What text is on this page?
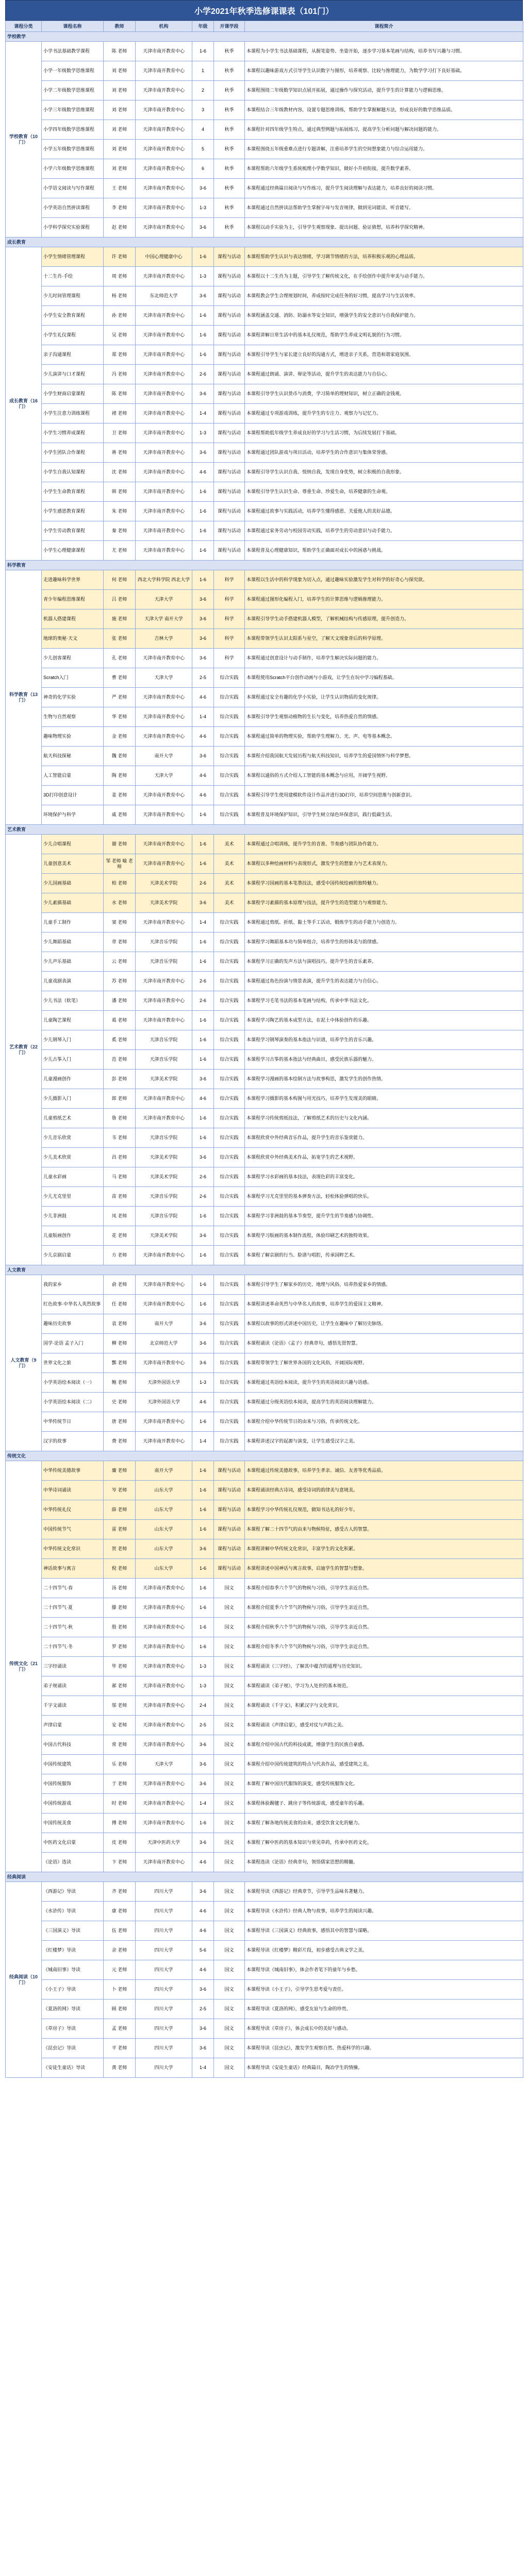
小学2021年秋季选修课课表（101门）
课程分类	课程名称	教师	机构	年级	开课学段	课程简介
学校教学						
学校教育（10门）	小学书法基础教学课程	陈 老师	天津市南开教育中心	1-6	秋季	本课程为小学生书法基础课程，从握笔姿势、坐姿开始，逐步学习基本笔画与结构，培养书写兴趣与习惯。
	小学一年级数学思维课程	刘 老师	天津市南开教育中心	1	秋季	本课程以趣味游戏方式引导学生认识数字与图形，培养观察、比较与推理能力，为数学学习打下良好基础。
	小学二年级数学思维课程	刘 老师	天津市南开教育中心	2	秋季	本课程围绕二年级数学知识点展开拓展，通过操作与探究活动，提升学生的计算能力与逻辑思维。
	小学三年级数学思维课程	刘 老师	天津市南开教育中心	3	秋季	本课程结合三年级教材内容，设置专题思维训练，帮助学生掌握解题方法，形成良好的数学思维品质。
	小学四年级数学思维课程	刘 老师	天津市南开教育中心	4	秋季	本课程针对四年级学生特点，通过典型例题与拓展练习，提高学生分析问题与解决问题的能力。
	小学五年级数学思维课程	刘 老师	天津市南开教育中心	5	秋季	本课程围绕五年级重难点进行专题讲解，注重培养学生的空间想象能力与综合运用能力。
	小学六年级数学思维课程	刘 老师	天津市南开教育中心	6	秋季	本课程帮助六年级学生系统梳理小学数学知识，做好小升初衔接，提升数学素养。
	小学语文阅读与写作课程	王 老师	天津市南开教育中心	3-6	秋季	本课程通过经典篇目阅读与写作练习，提升学生阅读理解与表达能力，培养良好的阅读习惯。
	小学英语自然拼读课程	李 老师	天津市南开教育中心	1-3	秋季	本课程通过自然拼读法帮助学生掌握字母与发音规律，做到见词能读、听音能写。
	小学科学探究实验课程	赵 老师	天津市南开教育中心	3-6	秋季	本课程以动手实验为主，引导学生观察现象、提出问题、验证猜想，培养科学探究精神。
成长教育						
成长教育（16门）	小学生情绪管理课程	许 老师	中国心理健康中心	1-6	课程与活动	本课程帮助学生认识与表达情绪，学习调节情绪的方法，培养积极乐观的心理品质。
	十二生肖·手绘	周 老师	天津市南开教育中心	1-3	课程与活动	本课程以十二生肖为主题，引导学生了解传统文化，在手绘创作中提升审美与动手能力。
	少儿时间管理课程	杨 老师	东北师范大学	3-6	课程与活动	本课程教会学生合理规划时间，养成按时完成任务的好习惯，提高学习与生活效率。
	小学生安全教育课程	孙 老师	天津市南开教育中心	1-6	课程与活动	本课程涵盖交通、消防、防溺水等安全知识，增强学生的安全意识与自我保护能力。
	小学生礼仪课程	吴 老师	天津市南开教育中心	1-6	课程与活动	本课程讲解日常生活中的基本礼仪规范，帮助学生养成文明礼貌的行为习惯。
	亲子沟通课程	郑 老师	天津市南开教育中心	1-6	课程与活动	本课程引导学生与家长建立良好的沟通方式，增进亲子关系，营造和谐家庭氛围。
	少儿演讲与口才课程	冯 老师	天津市南开教育中心	2-6	课程与活动	本课程通过朗诵、演讲、辩论等活动，提升学生的表达能力与自信心。
	小学生财商启蒙课程	陈 老师	天津市南开教育中心	3-6	课程与活动	本课程引导学生认识货币与消费，学习简单的理财知识，树立正确的金钱观。
	小学生注意力训练课程	褚 老师	天津市南开教育中心	1-4	课程与活动	本课程通过专项游戏训练，提升学生的专注力、观察力与记忆力。
	小学生习惯养成课程	卫 老师	天津市南开教育中心	1-3	课程与活动	本课程帮助低年级学生养成良好的学习与生活习惯，为后续发展打下基础。
	小学生团队合作课程	蒋 老师	天津市南开教育中心	3-6	课程与活动	本课程通过团队游戏与项目活动，培养学生的合作意识与集体荣誉感。
	小学生自我认知课程	沈 老师	天津市南开教育中心	4-6	课程与活动	本课程引导学生认识自我、悦纳自我，发现自身优势，树立积极的自我形象。
	小学生生命教育课程	韩 老师	天津市南开教育中心	1-6	课程与活动	本课程引导学生认识生命、尊重生命、珍爱生命，培养健康的生命观。
	小学生感恩教育课程	朱 老师	天津市南开教育中心	1-6	课程与活动	本课程通过故事与实践活动，培养学生懂得感恩、关爱他人的美好品德。
	小学生劳动教育课程	秦 老师	天津市南开教育中心	1-6	课程与活动	本课程通过家务劳动与校园劳动实践，培养学生的劳动意识与动手能力。
	小学生心理健康课程	尤 老师	天津市南开教育中心	1-6	课程与活动	本课程普及心理健康知识，帮助学生正确面对成长中的困惑与挑战。
科学教育						
科学教育（13门）	走进趣味科学世界	何 老师	西北大学科学院 西北大学	1-6	科学	本课程以生活中的科学现象为切入点，通过趣味实验激发学生对科学的好奇心与探究欲。
	青少年编程思维课程	吕 老师	天津大学	3-6	科学	本课程通过图形化编程入门，培养学生的计算思维与逻辑推理能力。
	机器人搭建课程	施 老师	天津大学 南开大学	3-6	科学	本课程引导学生动手搭建机器人模型，了解机械结构与传感原理，提升创造力。
	地球的奥秘·天文	张 老师	吉林大学	3-6	科学	本课程带领学生认识太阳系与星空，了解天文现象背后的科学原理。
	少儿创客课程	孔 老师	天津市南开教育中心	3-6	科学	本课程通过创意设计与动手制作，培养学生解决实际问题的能力。
	Scratch入门	曹 老师	天津大学	2-5	综合实践	本课程使用Scratch平台创作动画与小游戏，让学生在玩中学习编程基础。
	神奇的化学实验	严 老师	天津市南开教育中心	4-6	综合实践	本课程通过安全有趣的化学小实验，让学生认识物质的变化规律。
	生物与自然观察	华 老师	天津市南开教育中心	1-4	综合实践	本课程引导学生观察动植物的生长与变化，培养热爱自然的情感。
	趣味物理实验	金 老师	天津市南开教育中心	4-6	综合实践	本课程通过简单的物理实验，帮助学生理解力、光、声、电等基本概念。
	航天科技探秘	魏 老师	南开大学	3-6	综合实践	本课程介绍我国航天发展历程与航天科技知识，培养学生的爱国情怀与科学梦想。
	人工智能启蒙	陶 老师	天津大学	4-6	综合实践	本课程以通俗的方式介绍人工智能的基本概念与应用，开阔学生视野。
	3D打印创意设计	姜 老师	天津市南开教育中心	4-6	综合实践	本课程引导学生使用建模软件设计作品并进行3D打印，培养空间思维与创新意识。
	环境保护与科学	戚 老师	天津市南开教育中心	1-6	综合实践	本课程普及环境保护知识，引导学生树立绿色环保意识，践行低碳生活。
艺术教育						
艺术教育（22门）	少儿合唱课程	谢 老师	天津市南开教育中心	1-6	美术	本课程通过合唱训练，提升学生的音准、节奏感与团队协作能力。
	儿童创意美术	邹 老师 喻 老师	天津市南开教育中心	1-6	美术	本课程以多种绘画材料与表现形式，激发学生的想象力与艺术表现力。
	少儿国画基础	柏 老师	天津美术学院	2-6	美术	本课程学习国画的基本笔墨技法，感受中国传统绘画的独特魅力。
	少儿素描基础	水 老师	天津美术学院	3-6	美术	本课程学习素描的基本原理与技法，提升学生的造型能力与观察能力。
	儿童手工制作	窦 老师	天津市南开教育中心	1-4	综合实践	本课程通过剪纸、折纸、黏土等手工活动，锻炼学生的动手能力与创造力。
	少儿舞蹈基础	章 老师	天津音乐学院	1-6	综合实践	本课程学习舞蹈基本功与简单组合，培养学生的形体美与韵律感。
	少儿声乐基础	云 老师	天津音乐学院	1-6	综合实践	本课程学习正确的发声方法与演唱技巧，提升学生的音乐素养。
	儿童戏剧表演	苏 老师	天津市南开教育中心	2-6	综合实践	本课程通过角色扮演与情景表演，提升学生的表达能力与自信心。
	少儿书法（软笔）	潘 老师	天津市南开教育中心	2-6	综合实践	本课程学习毛笔书法的基本笔画与结构，传承中华书法文化。
	儿童陶艺课程	葛 老师	天津市南开教育中心	1-6	综合实践	本课程学习陶艺的基本成型方法，在泥土中体验创作的乐趣。
	少儿钢琴入门	奚 老师	天津音乐学院	1-6	综合实践	本课程学习钢琴演奏的基本指法与识谱，培养学生的音乐兴趣。
	少儿古筝入门	范 老师	天津音乐学院	1-6	综合实践	本课程学习古筝的基本指法与经典曲目，感受民族乐器的魅力。
	儿童漫画创作	彭 老师	天津美术学院	3-6	综合实践	本课程学习漫画的基本绘制方法与故事构思，激发学生的创作热情。
	少儿摄影入门	郎 老师	天津市南开教育中心	4-6	综合实践	本课程学习摄影的基本构图与用光技巧，培养学生发现美的眼睛。
	儿童剪纸艺术	鲁 老师	天津市南开教育中心	1-6	综合实践	本课程学习传统剪纸技法，了解剪纸艺术的历史与文化内涵。
	少儿音乐欣赏	韦 老师	天津音乐学院	1-6	综合实践	本课程欣赏中外经典音乐作品，提升学生的音乐鉴赏能力。
	少儿美术欣赏	昌 老师	天津美术学院	3-6	综合实践	本课程欣赏中外经典美术作品，拓宽学生的艺术视野。
	儿童水彩画	马 老师	天津美术学院	2-6	综合实践	本课程学习水彩画的基本技法，表现色彩的丰富变化。
	少儿尤克里里	苗 老师	天津音乐学院	2-6	综合实践	本课程学习尤克里里的基本弹奏方法，轻松体验弹唱的快乐。
	少儿非洲鼓	凤 老师	天津音乐学院	1-6	综合实践	本课程学习非洲鼓的基本节奏型，提升学生的节奏感与协调性。
	儿童版画创作	花 老师	天津美术学院	3-6	综合实践	本课程学习版画的基本制作流程，体验印刷艺术的独特效果。
	少儿京剧启蒙	方 老师	天津市南开教育中心	1-6	综合实践	本课程了解京剧的行当、脸谱与唱腔，传承国粹艺术。
人文教育						
人文教育（9门）	我的家乡	俞 老师	天津市南开教育中心	1-6	综合实践	本课程引导学生了解家乡的历史、地理与风俗，培养热爱家乡的情感。
	红色故事·中华名人英烈故事	任 老师	天津市南开教育中心	1-6	综合实践	本课程讲述革命英烈与中华名人的故事，培养学生的爱国主义精神。
	趣味历史故事	袁 老师	南开大学	3-6	综合实践	本课程以故事的形式讲述中国历史，让学生在趣味中了解历史脉络。
	国学·论语 孟子入门	柳 老师	北京师范大学	3-6	综合实践	本课程诵读《论语》《孟子》经典章句，感悟先贤智慧。
	世界文化之旅	酆 老师	天津市南开教育中心	3-6	综合实践	本课程带领学生了解世界各国的文化风俗，开阔国际视野。
	小学英语绘本阅读（一）	鲍 老师	天津外国语大学	1-3	综合实践	本课程通过英语绘本阅读，提升学生的英语阅读兴趣与语感。
	小学英语绘本阅读（二）	史 老师	天津外国语大学	4-6	综合实践	本课程通过分级英语绘本阅读，提高学生的英语阅读理解能力。
	中华传统节日	唐 老师	天津市南开教育中心	1-6	综合实践	本课程介绍中华传统节日的由来与习俗，传承传统文化。
	汉字的故事	费 老师	天津市南开教育中心	1-4	综合实践	本课程讲述汉字的起源与演变，让学生感受汉字之美。
传统文化						
传统文化（21门）	中华传统美德故事	廉 老师	南开大学	1-6	课程与活动	本课程通过传统美德故事，培养学生孝亲、诚信、友善等优秀品质。
	中华诗词诵读	岑 老师	山东大学	1-6	课程与活动	本课程诵读经典古诗词，感受诗词的韵律美与意境美。
	中华传统礼仪	薛 老师	山东大学	1-6	课程与活动	本课程学习中华传统礼仪规范，做知书达礼的好少年。
	中国传统节气	雷 老师	山东大学	1-6	课程与活动	本课程了解二十四节气的由来与物候特征，感受古人的智慧。
	中华传统文化常识	贺 老师	山东大学	3-6	课程与活动	本课程讲解中华传统文化常识，丰富学生的文化积累。
	神话故事与寓言	倪 老师	山东大学	1-6	课程与活动	本课程讲述中国神话与寓言故事，启迪学生的智慧与想象。
	二十四节气·春	汤 老师	天津市南开教育中心	1-6	国文	本课程介绍春季六个节气的物候与习俗，引导学生亲近自然。
	二十四节气·夏	滕 老师	天津市南开教育中心	1-6	国文	本课程介绍夏季六个节气的物候与习俗，引导学生亲近自然。
	二十四节气·秋	殷 老师	天津市南开教育中心	1-6	国文	本课程介绍秋季六个节气的物候与习俗，引导学生亲近自然。
	二十四节气·冬	罗 老师	天津市南开教育中心	1-6	国文	本课程介绍冬季六个节气的物候与习俗，引导学生亲近自然。
	三字经诵读	毕 老师	天津市南开教育中心	1-3	国文	本课程诵读《三字经》，了解其中蕴含的道理与历史知识。
	弟子规诵读	郝 老师	天津市南开教育中心	1-3	国文	本课程诵读《弟子规》，学习为人处世的基本规范。
	千字文诵读	邬 老师	天津市南开教育中心	2-4	国文	本课程诵读《千字文》，积累汉字与文化常识。
	声律启蒙	安 老师	天津市南开教育中心	2-5	国文	本课程诵读《声律启蒙》，感受对仗与声韵之美。
	中国古代科技	常 老师	天津市南开教育中心	3-6	国文	本课程介绍中国古代的科技成就，增强学生的民族自豪感。
	中国传统建筑	乐 老师	天津大学	3-6	国文	本课程介绍中国传统建筑的特点与代表作品，感受建筑之美。
	中国传统服饰	于 老师	天津市南开教育中心	3-6	国文	本课程了解中国历代服饰的演变，感受传统服饰文化。
	中国传统游戏	时 老师	天津市南开教育中心	1-4	国文	本课程体验踢毽子、跳房子等传统游戏，感受童年的乐趣。
	中国传统美食	傅 老师	天津市南开教育中心	1-6	国文	本课程了解各地传统美食的由来，感受饮食文化的魅力。
	中医药文化启蒙	皮 老师	天津中医药大学	3-6	国文	本课程了解中医药的基本知识与常见草药，传承中医药文化。
	《论语》选读	卞 老师	天津市南开教育中心	4-6	国文	本课程选读《论语》经典章句，领悟儒家思想的精髓。
经典阅读						
经典阅读（10门）	《西游记》导读	齐 老师	四川大学	3-6	国文	本课程导读《西游记》经典章节，引导学生品味名著魅力。
	《水浒传》导读	康 老师	四川大学	4-6	国文	本课程导读《水浒传》经典人物与故事，培养学生的阅读兴趣。
	《三国演义》导读	伍 老师	四川大学	4-6	国文	本课程导读《三国演义》经典故事，感悟其中的智慧与谋略。
	《红楼梦》导读	余 老师	四川大学	5-6	国文	本课程导读《红楼梦》精彩片段，初步感受古典文学之美。
	《城南旧事》导读	元 老师	四川大学	4-6	国文	本课程导读《城南旧事》，体会作者笔下的童年与乡愁。
	《小王子》导读	卜 老师	四川大学	3-6	国文	本课程导读《小王子》，引导学生思考爱与责任。
	《夏洛的网》导读	顾 老师	四川大学	2-5	国文	本课程导读《夏洛的网》，感受友谊与生命的珍贵。
	《草房子》导读	孟 老师	四川大学	3-6	国文	本课程导读《草房子》，体会成长中的美好与感动。
	《昆虫记》导读	平 老师	四川大学	3-6	国文	本课程导读《昆虫记》，激发学生观察自然、热爱科学的兴趣。
	《安徒生童话》导读	黄 老师	四川大学	1-4	国文	本课程导读《安徒生童话》经典篇目，陶冶学生的情操。
